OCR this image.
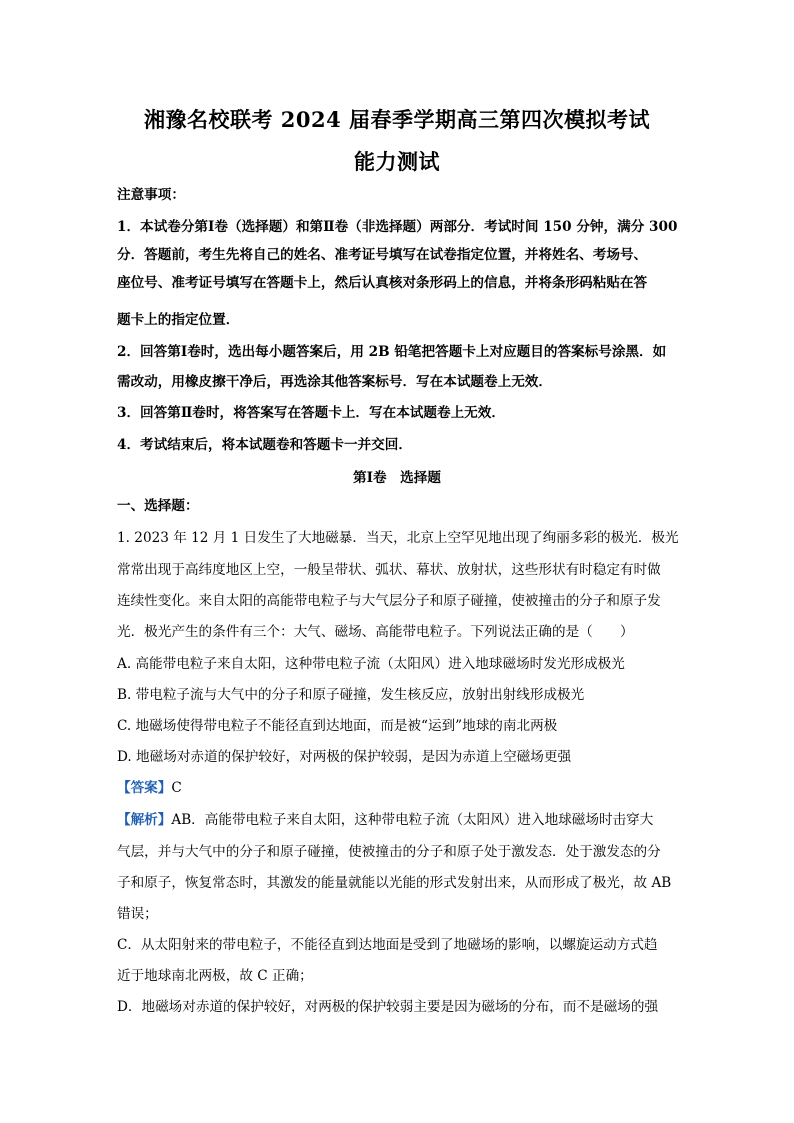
湘豫名校联考 2024 届春季学期高三第四次模拟考试
能力测试
注意事项：
1．本试卷分第Ⅰ卷（选择题）和第Ⅱ卷（非选择题）两部分．考试时间 150 分钟，满分 300
分．答题前，考生先将自己的姓名、准考证号填写在试卷指定位置，并将姓名、考场号、
座位号、准考证号填写在答题卡上，然后认真核对条形码上的信息，并将条形码粘贴在答
题卡上的指定位置．
2．回答第Ⅰ卷时，选出每小题答案后，用 2B 铅笔把答题卡上对应题目的答案标号涂黑．如
需改动，用橡皮擦干净后，再选涂其他答案标号．写在本试题卷上无效．
3．回答第Ⅱ卷时，将答案写在答题卡上．写在本试题卷上无效．
4．考试结束后，将本试题卷和答题卡一并交回．
第Ⅰ卷　选择题
一、选择题：
1. 2023 年 12 月 1 日发生了大地磁暴．当天，北京上空罕见地出现了绚丽多彩的极光．极光
常常出现于高纬度地区上空，一般呈带状、弧状、幕状、放射状，这些形状有时稳定有时做
连续性变化。来自太阳的高能带电粒子与大气层分子和原子碰撞，使被撞击的分子和原子发
光．极光产生的条件有三个：大气、磁场、高能带电粒子。下列说法正确的是（　　）
A. 高能带电粒子来自太阳，这种带电粒子流（太阳风）进入地球磁场时发光形成极光
B. 带电粒子流与大气中的分子和原子碰撞，发生核反应，放射出射线形成极光
C. 地磁场使得带电粒子不能径直到达地面，而是被“运到”地球的南北两极
D. 地磁场对赤道的保护较好，对两极的保护较弱，是因为赤道上空磁场更强
【答案】C
【解析】AB．高能带电粒子来自太阳，这种带电粒子流（太阳风）进入地球磁场时击穿大
气层，并与大气中的分子和原子碰撞，使被撞击的分子和原子处于激发态．处于激发态的分
子和原子，恢复常态时，其激发的能量就能以光能的形式发射出来，从而形成了极光，故 AB
错误；
C．从太阳射来的带电粒子，不能径直到达地面是受到了地磁场的影响，以螺旋运动方式趋
近于地球南北两极，故 C 正确；
D．地磁场对赤道的保护较好，对两极的保护较弱主要是因为磁场的分布，而不是磁场的强
